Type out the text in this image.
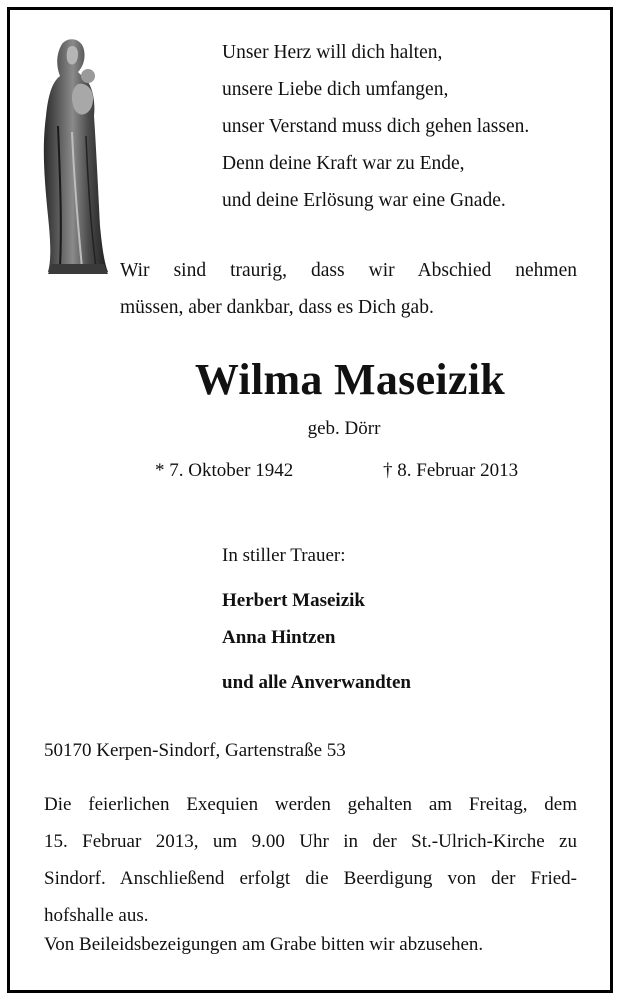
Unser Herz will dich halten,
unsere Liebe dich umfangen,
unser Verstand muss dich gehen lassen.
Denn deine Kraft war zu Ende,
und deine Erlösung war eine Gnade.
Wir sind traurig, dass wir Abschied nehmen
müssen, aber dankbar, dass es Dich gab.
Wilma Maseizik
geb. Dörr
* 7. Oktober 1942	† 8. Februar 2013
In stiller Trauer:
Herbert Maseizik
Anna Hintzen
und alle Anverwandten
50170 Kerpen-Sindorf, Gartenstraße 53
Die feierlichen Exequien werden gehalten am Freitag, dem
15. Februar 2013, um 9.00 Uhr in der St.-Ulrich-Kirche zu
Sindorf. Anschließend erfolgt die Beerdigung von der Fried-
hofshalle aus.
Von Beileidsbezeigungen am Grabe bitten wir abzusehen.
